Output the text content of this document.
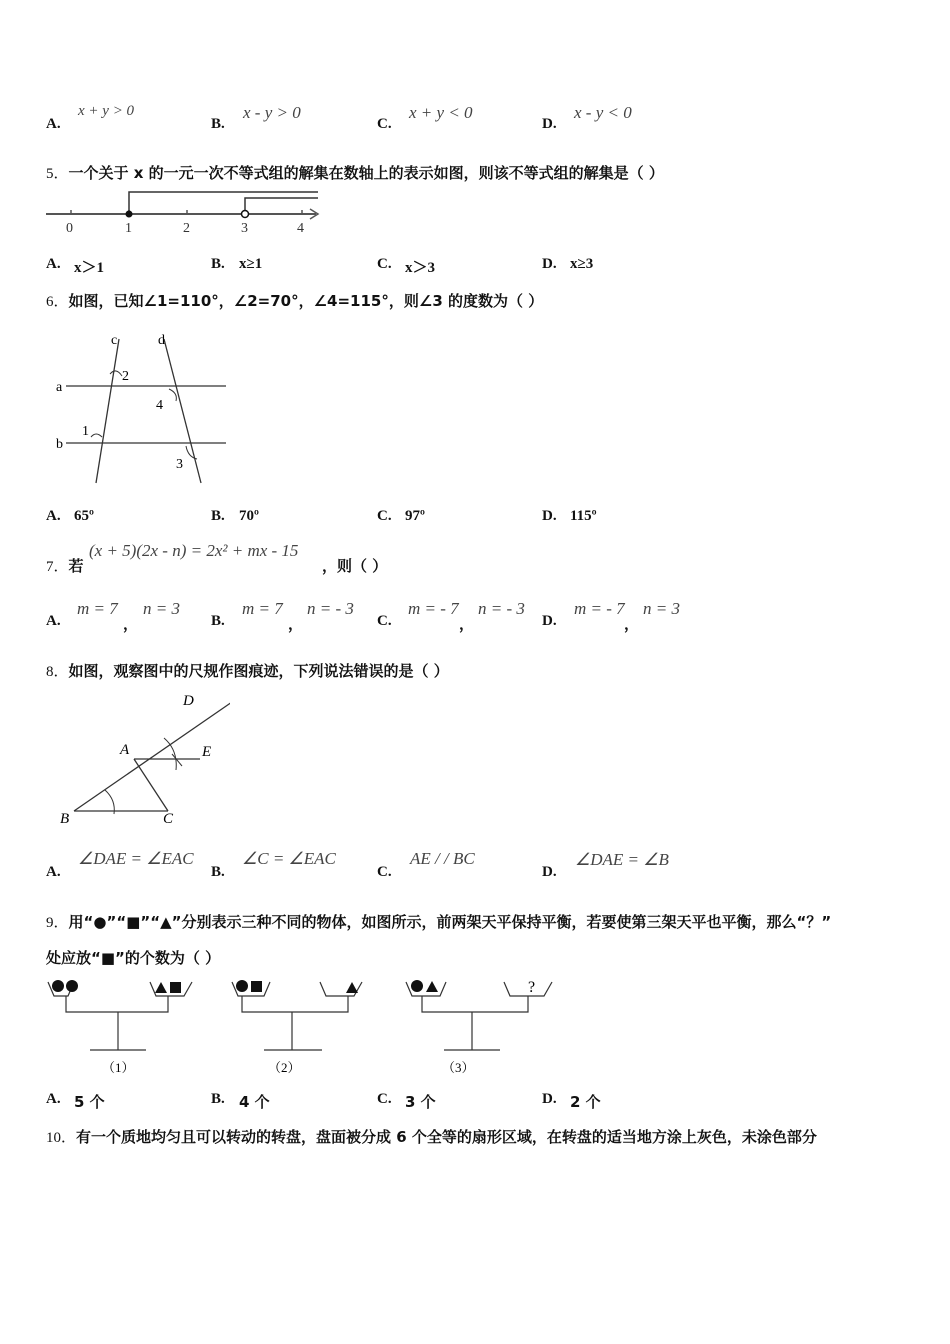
A.
x + y > 0
B.
x - y > 0
C.
x + y < 0
D.
x - y < 0
5．一个关于 x 的一元一次不等式组的解集在数轴上的表示如图，则该不等式组的解集是（ ）
0	1	2	3	4
A. x＞1	B. x≥1	C. x＞3	D. x≥3
6．如图，已知∠1=110°，∠2=70°，∠4=115°，则∠3 的度数为（ ）
c	d
a
b
1
2
3
4
A. 65º	B. 70º	C. 97º	D. 115º
7．若
(x + 5)(2x - n) = 2x² + mx - 15
，则（ ）
A.
m = 7
，
n = 3
B.
m = 7
，
n = - 3
C.
m = - 7
，
n = - 3
D.
m = - 7
，
n = 3
8．如图，观察图中的尺规作图痕迹，下列说法错误的是（ ）
D
A	E
B	C
A.
∠DAE = ∠EAC
B.
∠C = ∠EAC
C.
AE / / BC
D.
∠DAE = ∠B
9．用“●”“■”“▲”分别表示三种不同的物体，如图所示，前两架天平保持平衡，若要使第三架天平也平衡，那么“？”
处应放“■”的个数为（ ）
（1）	（2）
?
（3）
A. 5 个	B. 4 个	C. 3 个	D. 2 个
10．有一个质地均匀且可以转动的转盘，盘面被分成 6 个全等的扇形区域，在转盘的适当地方涂上灰色，未涂色部分
